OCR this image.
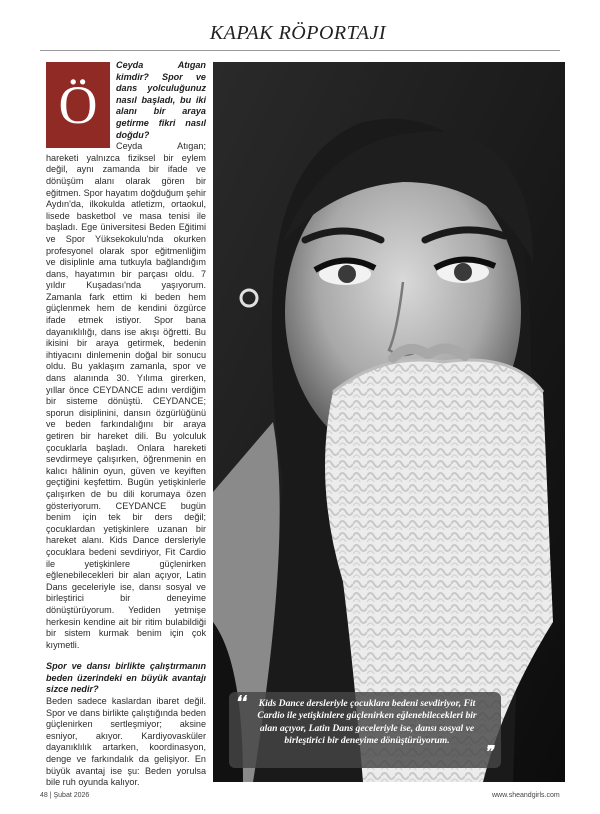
KAPAK RÖPORTAJI
Ö

Ceyda Atıgan kimdir? Spor ve dans yolculuğunuz nasıl başladı, bu iki alanı bir araya getirme fikri nasıl doğdu?

Ceyda Atıgan; hareketi yalnızca fiziksel bir eylem değil, aynı zamanda bir ifade ve dönüşüm alanı olarak gören bir eğitmen. Spor hayatım doğduğum şehir Aydın'da, ilkokulda atletizm, ortaokul, lisede basketbol ve masa tenisi ile başladı. Ege üniversitesi Beden Eğitimi ve Spor Yüksekokulu'nda okurken profesyonel olarak spor eğitmenliğim ve disiplinle ama tutkuyla bağlandığım dans, hayatımın bir parçası oldu. 7 yıldır Kuşadası'nda yaşıyorum. Zamanla fark ettim ki beden hem güçlenmek hem de kendini özgürce ifade etmek istiyor. Spor bana dayanıklılığı, dans ise akışı öğretti. Bu ikisini bir araya getirmek, bedenin ihtiyacını dinlemenin doğal bir sonucu oldu. Bu yaklaşım zamanla, spor ve dans alanında 30. Yılıma girerken, yıllar önce CEYDANCE adını verdiğim bir sisteme dönüştü. CEYDANCE; sporun disiplinini, dansın özgürlüğünü ve beden farkındalığını bir araya getiren bir hareket dili. Bu yolculuk çocuklarla başladı. Onlara hareketi sevdirmeye çalışırken, öğrenmenin en kalıcı hâlinin oyun, güven ve keyiften geçtiğini keşfettim. Bugün yetişkinlerle çalışırken de bu dili korumaya özen gösteriyorum. CEYDANCE bugün benim için tek bir ders değil; çocuklardan yetişkinlere uzanan bir hareket alanı. Kids Dance dersleriyle çocuklara bedeni sevdiriyor, Fit Cardio ile yetişkinlere güçlenirken eğlenebilecekleri bir alan açıyor, Latin Dans geceleriyle ise, dansı sosyal ve birleştirici bir deneyime dönüştürüyorum. Yediden yetmişe herkesin kendine ait bir ritim bulabildiği bir sistem kurmak benim için çok kıymetli.

Spor ve dansı birlikte çalıştırmanın beden üzerindeki en büyük avantajı sizce nedir?

Beden sadece kaslardan ibaret değil. Spor ve dans birlikte çalıştığında beden güçlenirken sertleşmiyor; aksine esniyor, akıyor. Kardiyovasküler dayanıklılık artarken, koordinasyon, denge ve farkındalık da gelişiyor. En büyük avantaj ise şu: Beden yorulsa bile ruh oyunda kalıyor.

❛❛	Kids Dance dersleriyle çocuklara bedeni sevdiriyor, Fit Cardio ile yetişkinlere güçlenirken eğlenebilecekleri bir alan açıyor, Latin Dans geceleriyle ise, dansı sosyal ve birleştirici bir deneyime dönüştürüyorum.

❞
48 | Şubat 2026	www.sheandgirls.com
